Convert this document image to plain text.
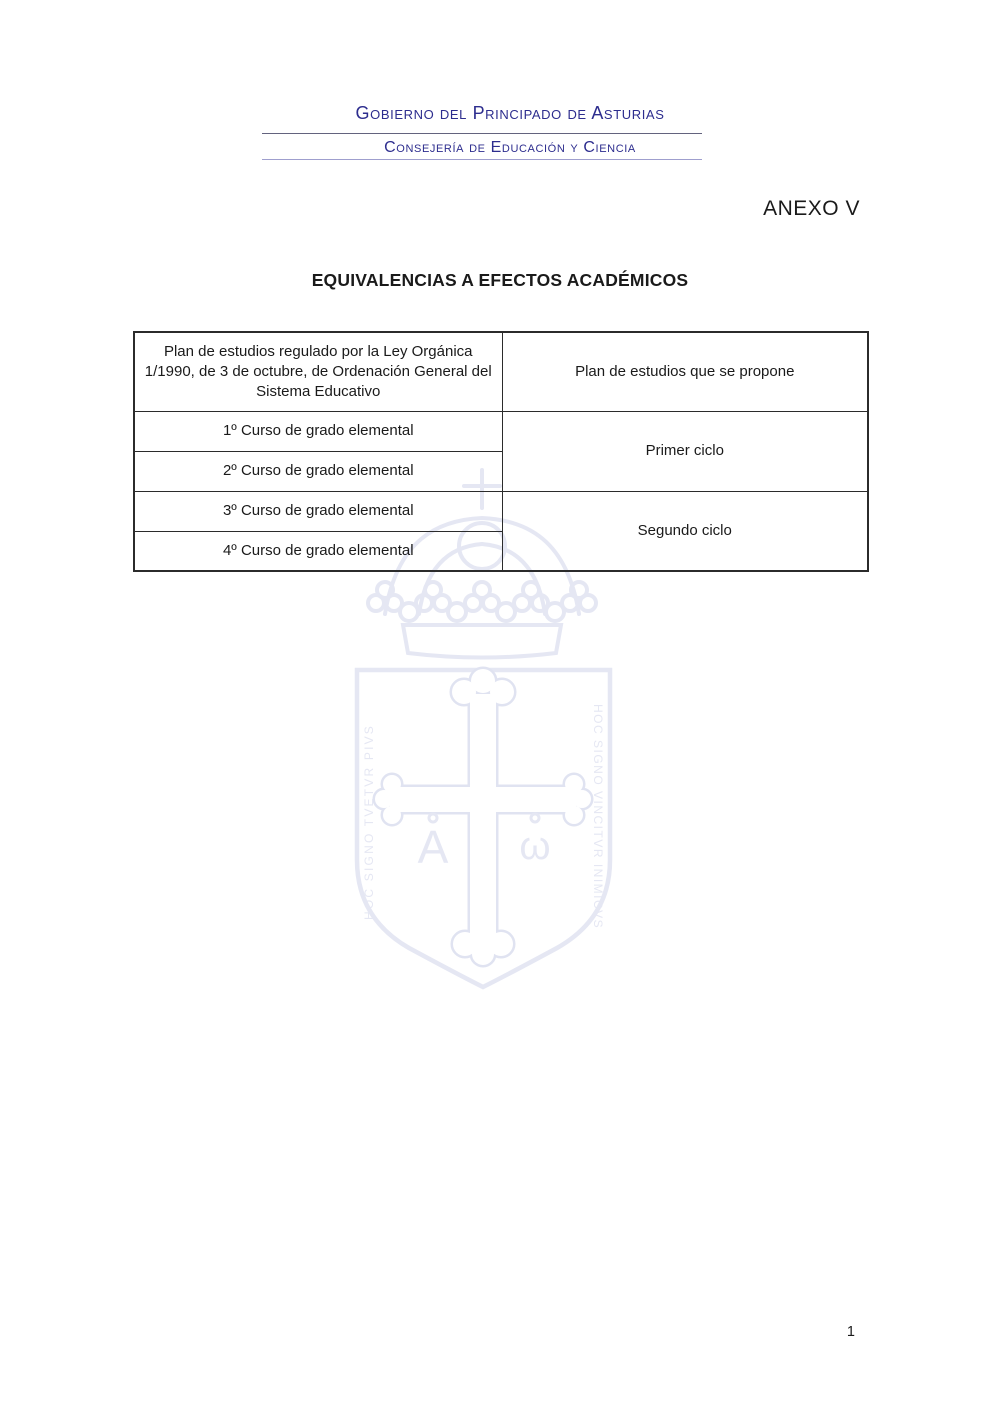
Gobierno del Principado de Asturias
Consejería de Educación y Ciencia
ANEXO V
EQUIVALENCIAS A EFECTOS ACADÉMICOS
A ω
HOC SIGNO TVETVR PIVS	HOC SIGNO VINCITVR INIMICVS
Plan de estudios regulado por la Ley Orgánica 1/1990, de 3 de octubre, de Ordenación General del Sistema Educativo	Plan de estudios que se propone
1º Curso de grado elemental	Primer ciclo
2º Curso de grado elemental	
3º Curso de grado elemental	Segundo ciclo
4º Curso de grado elemental	
1
